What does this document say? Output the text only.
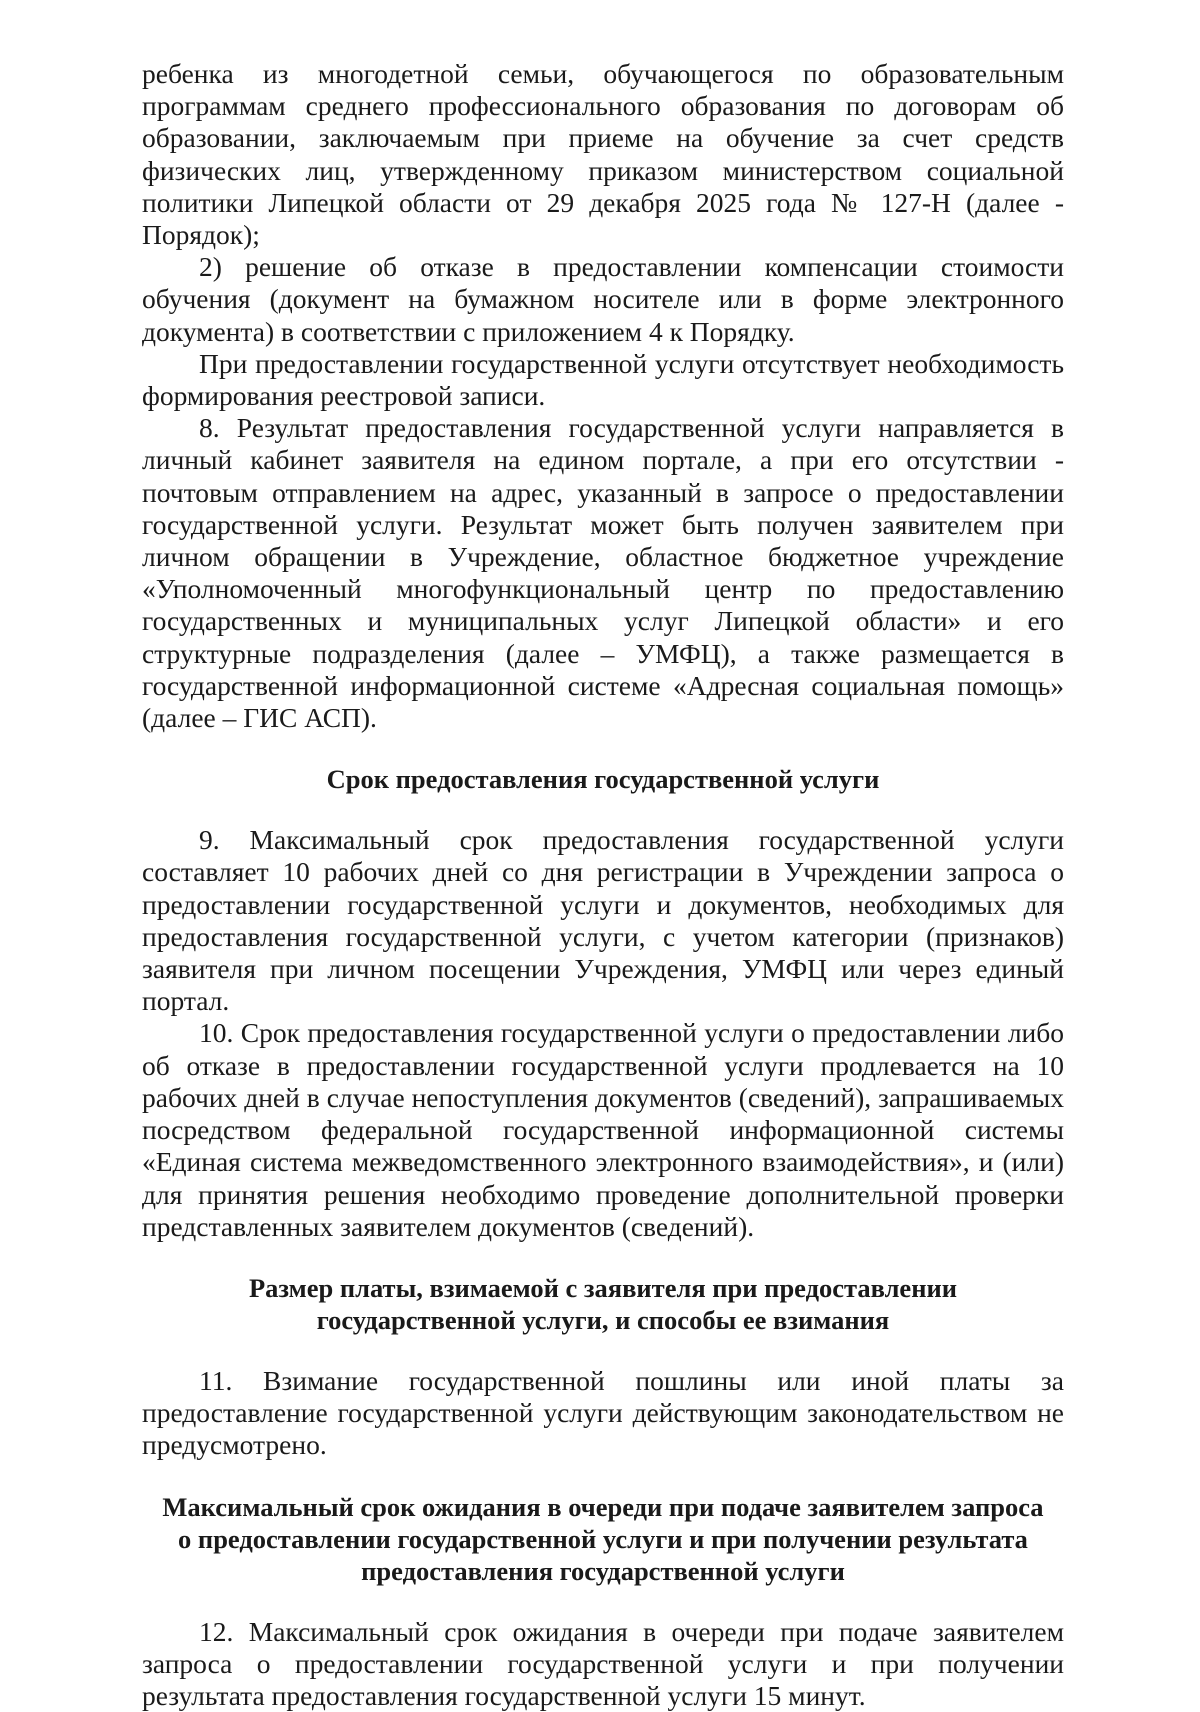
ребенка из многодетной семьи, обучающегося по образовательным программам среднего профессионального образования по договорам об образовании, заключаемым при приеме на обучение за счет средств физических лиц, утвержденному приказом министерством социальной политики Липецкой области от 29 декабря 2025 года № 127-Н (далее - Порядок);

2) решение об отказе в предоставлении компенсации стоимости обучения (документ на бумажном носителе или в форме электронного документа) в соответствии с приложением 4 к Порядку.

При предоставлении государственной услуги отсутствует необходимость формирования реестровой записи.

8. Результат предоставления государственной услуги направляется в личный кабинет заявителя на едином портале, а при его отсутствии - почтовым отправлением на адрес, указанный в запросе о предоставлении государственной услуги. Результат может быть получен заявителем при личном обращении в Учреждение, областное бюджетное учреждение «Уполномоченный многофункциональный центр по предоставлению государственных и муниципальных услуг Липецкой области» и его структурные подразделения (далее – УМФЦ), а также размещается в государственной информационной системе «Адресная социальная помощь» (далее – ГИС АСП).

Срок предоставления государственной услуги

9. Максимальный срок предоставления государственной услуги составляет 10 рабочих дней со дня регистрации в Учреждении запроса о предоставлении государственной услуги и документов, необходимых для предоставления государственной услуги, с учетом категории (признаков) заявителя при личном посещении Учреждения, УМФЦ или через единый портал.

10. Срок предоставления государственной услуги о предоставлении либо об отказе в предоставлении государственной услуги продлевается на 10 рабочих дней в случае непоступления документов (сведений), запрашиваемых посредством федеральной государственной информационной системы «Единая система межведомственного электронного взаимодействия», и (или) для принятия решения необходимо проведение дополнительной проверки представленных заявителем документов (сведений).

Размер платы, взимаемой с заявителя при предоставлении
государственной услуги, и способы ее взимания

11. Взимание государственной пошлины или иной платы за предоставление государственной услуги действующим законодательством не предусмотрено.

Максимальный срок ожидания в очереди при подаче заявителем запроса
о предоставлении государственной услуги и при получении результата
предоставления государственной услуги

12. Максимальный срок ожидания в очереди при подаче заявителем запроса о предоставлении государственной услуги и при получении результата предоставления государственной услуги 15 минут.
